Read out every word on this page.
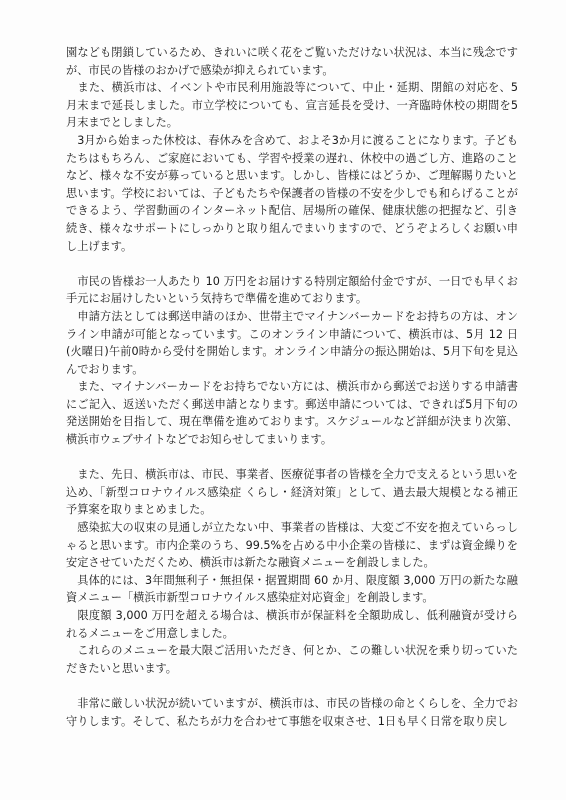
園なども閉鎖しているため、きれいに咲く花をご覧いただけない状況は、本当に残念ですが、市民の皆様のおかげで感染が抑えられています。

　また、横浜市は、イベントや市民利用施設等について、中止・延期、閉館の対応を、5月末まで延長しました。市立学校についても、宣言延長を受け、一斉臨時休校の期間を5月末までとしました。

　3月から始まった休校は、春休みを含めて、およそ3か月に渡ることになります。子どもたちはもちろん、ご家庭においても、学習や授業の遅れ、休校中の過ごし方、進路のことなど、様々な不安が募っていると思います。しかし、皆様にはどうか、ご理解賜りたいと思います。学校においては、子どもたちや保護者の皆様の不安を少しでも和らげることができるよう、学習動画のインターネット配信、居場所の確保、健康状態の把握など、引き続き、様々なサポートにしっかりと取り組んでまいりますので、どうぞよろしくお願い申し上げます。

　市民の皆様お一人あたり 10 万円をお届けする特別定額給付金ですが、一日でも早くお手元にお届けしたいという気持ちで準備を進めております。

　申請方法としては郵送申請のほか、世帯主でマイナンバーカードをお持ちの方は、オンライン申請が可能となっています。このオンライン申請について、横浜市は、5月 12 日(火曜日)午前0時から受付を開始します。オンライン申請分の振込開始は、5月下旬を見込んでおります。

　また、マイナンバーカードをお持ちでない方には、横浜市から郵送でお送りする申請書にご記入、返送いただく郵送申請となります。郵送申請については、できれば5月下旬の発送開始を目指して、現在準備を進めております。スケジュールなど詳細が決まり次第、横浜市ウェブサイトなどでお知らせしてまいります。

　また、先日、横浜市は、市民、事業者、医療従事者の皆様を全力で支えるという思いを込め、「新型コロナウイルス感染症 くらし・経済対策」として、過去最大規模となる補正予算案を取りまとめました。

　感染拡大の収束の見通しが立たない中、事業者の皆様は、大変ご不安を抱えていらっしゃると思います。市内企業のうち、99.5%を占める中小企業の皆様に、まずは資金繰りを安定させていただくため、横浜市は新たな融資メニューを創設しました。

　具体的には、3年間無利子・無担保・据置期間 60 か月、限度額 3,000 万円の新たな融資メニュー「横浜市新型コロナウイルス感染症対応資金」を創設します。

　限度額 3,000 万円を超える場合は、横浜市が保証料を全額助成し、低利融資が受けられるメニューをご用意しました。

　これらのメニューを最大限ご活用いただき、何とか、この難しい状況を乗り切っていただきたいと思います。

　非常に厳しい状況が続いていますが、横浜市は、市民の皆様の命とくらしを、全力でお守りします。そして、私たちが力を合わせて事態を収束させ、1日も早く日常を取り戻し
